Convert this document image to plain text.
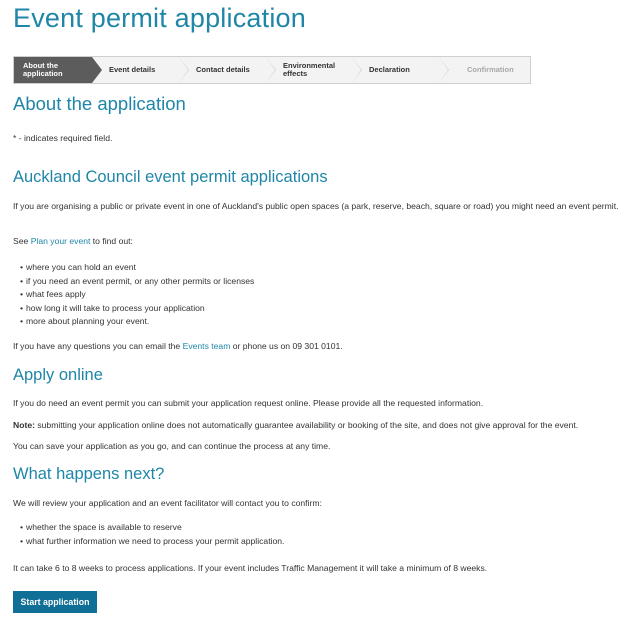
Event permit application
About the application	Event details	Contact details	Environmental effects	Declaration	Confirmation
About the application

* - indicates required field.

Auckland Council event permit applications

If you are organising a public or private event in one of Auckland's public open spaces (a park, reserve, beach, square or road) you might need an event permit.

See Plan your event to find out:

• where you can hold an event
• if you need an event permit, or any other permits or licenses
• what fees apply
• how long it will take to process your application
• more about planning your event.

If you have any questions you can email the Events team or phone us on 09 301 0101.

Apply online

If you do need an event permit you can submit your application request online. Please provide all the requested information.

Note: submitting your application online does not automatically guarantee availability or booking of the site, and does not give approval for the event.

You can save your application as you go, and can continue the process at any time.

What happens next?

We will review your application and an event facilitator will contact you to confirm:

• whether the space is available to reserve
• what further information we need to process your permit application.

It can take 6 to 8 weeks to process applications. If your event includes Traffic Management it will take a minimum of 8 weeks.

Start application
